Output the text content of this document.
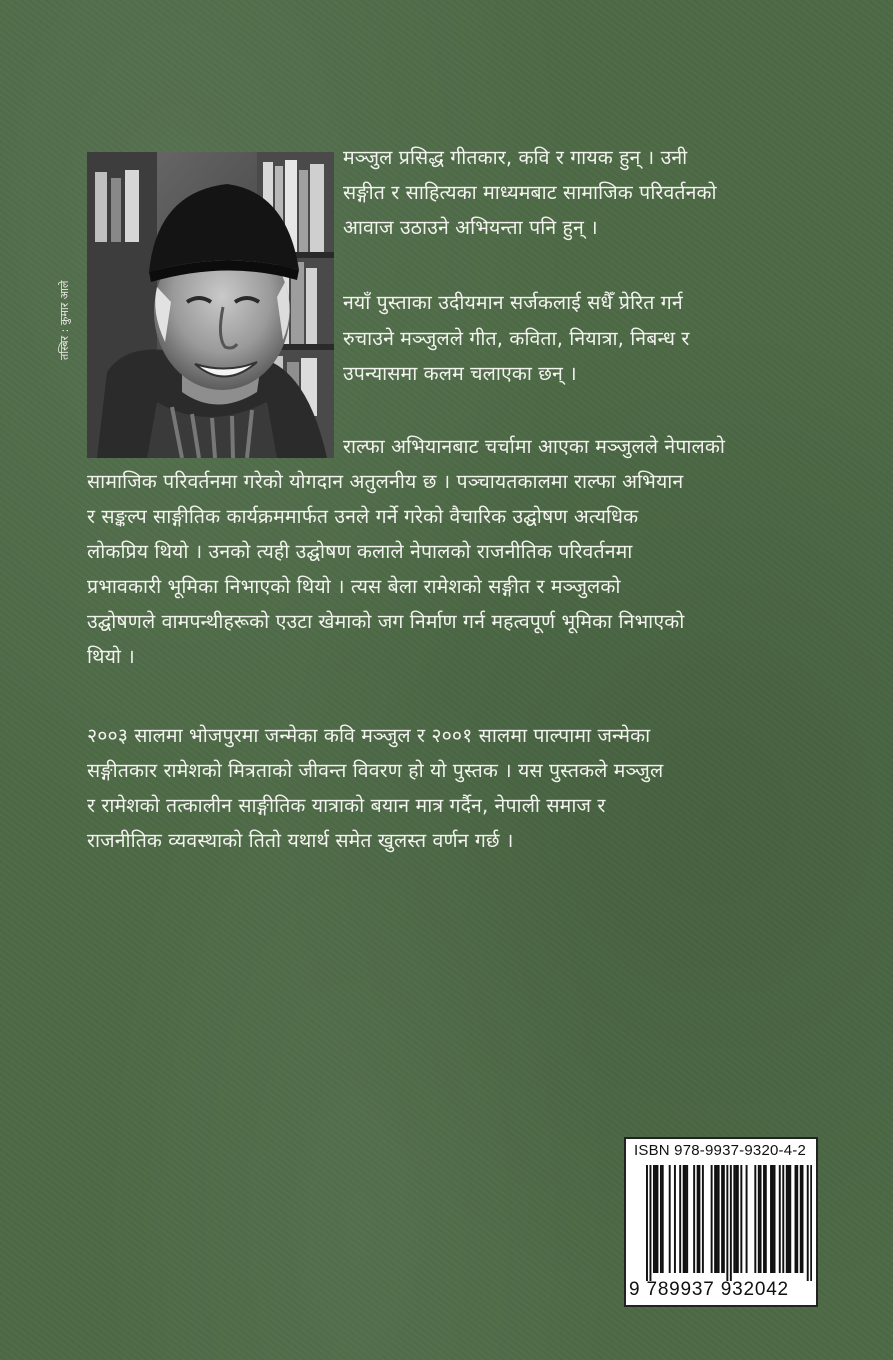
तस्बिर : कुमार आले
मञ्जुल प्रसिद्ध गीतकार, कवि र गायक हुन् । उनी
सङ्गीत र साहित्यका माध्यमबाट सामाजिक परिवर्तनको
आवाज उठाउने अभियन्ता पनि हुन् ।
नयाँ पुस्ताका उदीयमान सर्जकलाई सधैँ प्रेरित गर्न
रुचाउने मञ्जुलले गीत, कविता, नियात्रा, निबन्ध र
उपन्यासमा कलम चलाएका छन् ।
राल्फा अभियानबाट चर्चामा आएका मञ्जुलले नेपालको
सामाजिक परिवर्तनमा गरेको योगदान अतुलनीय छ । पञ्चायतकालमा राल्फा अभियान
र सङ्कल्प साङ्गीतिक कार्यक्रममार्फत उनले गर्ने गरेको वैचारिक उद्घोषण अत्यधिक
लोकप्रिय थियो । उनको त्यही उद्घोषण कलाले नेपालको राजनीतिक परिवर्तनमा
प्रभावकारी भूमिका निभाएको थियो । त्यस बेला रामेशको सङ्गीत र मञ्जुलको
उद्घोषणले वामपन्थीहरूको एउटा खेमाको जग निर्माण गर्न महत्वपूर्ण भूमिका निभाएको
थियो ।
२००३ सालमा भोजपुरमा जन्मेका कवि मञ्जुल र २००१ सालमा पाल्पामा जन्मेका
सङ्गीतकार रामेशको मित्रताको जीवन्त विवरण हो यो पुस्तक । यस पुस्तकले मञ्जुल
र रामेशको तत्कालीन साङ्गीतिक यात्राको बयान मात्र गर्दैन, नेपाली समाज र
राजनीतिक व्यवस्थाको तितो यथार्थ समेत खुलस्त वर्णन गर्छ ।
ISBN 978-9937-9320-4-2
9 789937 932042
